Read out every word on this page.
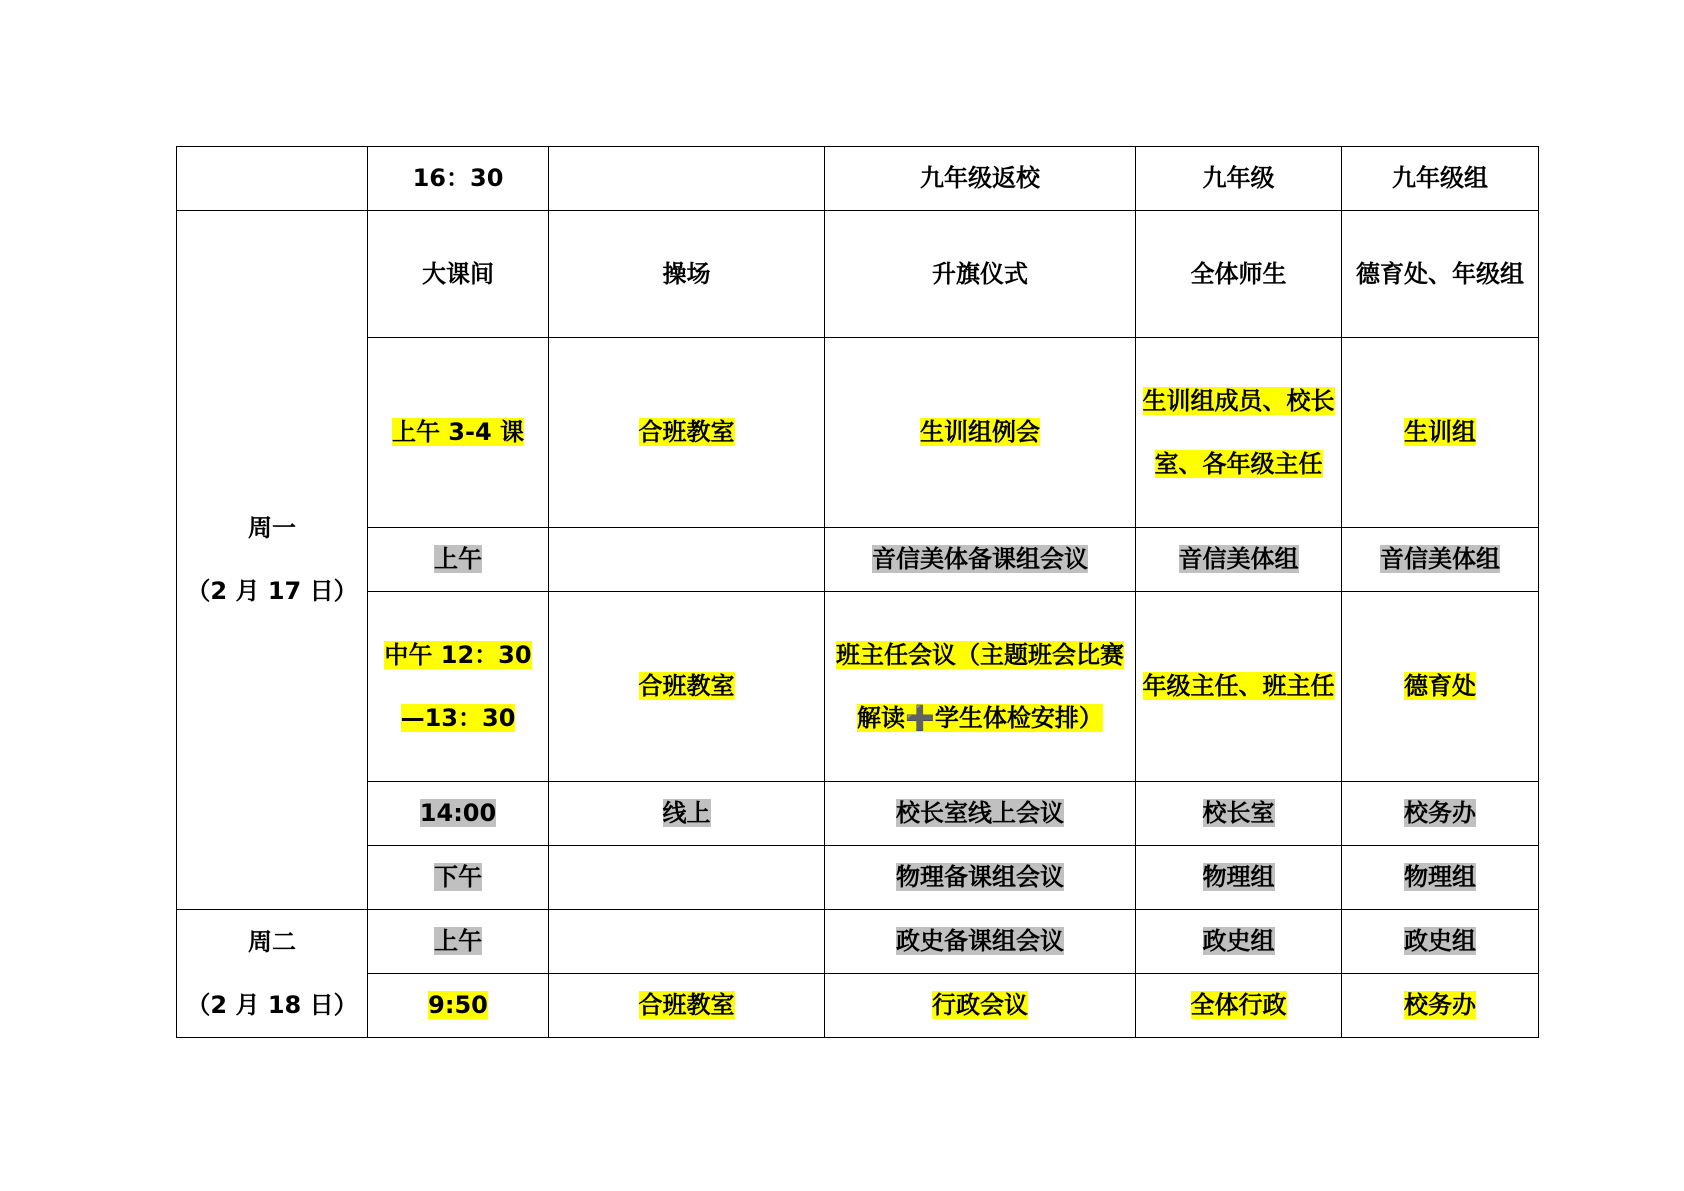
	16：30		九年级返校	九年级	九年级组

周一
（2 月 17 日）	大课间	操场	升旗仪式	全体师生	德育处、年级组
	上午 3-4 课	合班教室	生训组例会	生训组成员、校长室、各年级主任	生训组
	上午		音信美体备课组会议	音信美体组	音信美体组
	中午 12：30—13：30	合班教室	班主任会议（主题班会比赛解读➕学生体检安排）	年级主任、班主任	德育处
	14:00	线上	校长室线上会议	校长室	校务办
	下午		物理备课组会议	物理组	物理组

周二
（2 月 18 日）	上午		政史备课组会议	政史组	政史组
	9:50	合班教室	行政会议	全体行政	校务办
